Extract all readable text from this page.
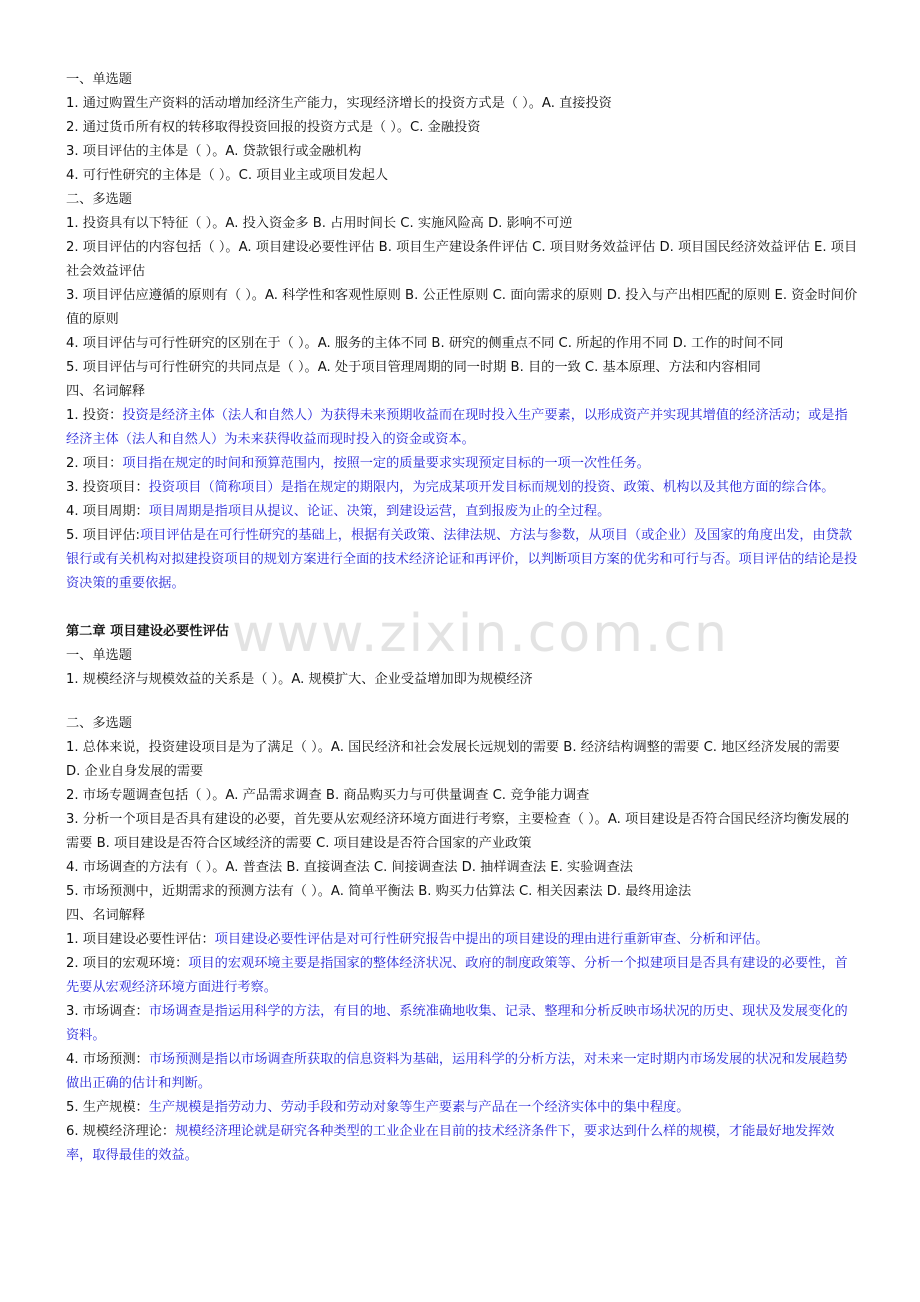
一、单选题
1. 通过购置生产资料的活动增加经济生产能力，实现经济增长的投资方式是（ ）。A. 直接投资
2. 通过货币所有权的转移取得投资回报的投资方式是（ ）。C. 金融投资
3. 项目评估的主体是（ ）。A. 贷款银行或金融机构
4. 可行性研究的主体是（ ）。C. 项目业主或项目发起人
二、多选题
1. 投资具有以下特征（ ）。A. 投入资金多 B. 占用时间长 C. 实施风险高 D. 影响不可逆
2. 项目评估的内容包括（ ）。A. 项目建设必要性评估 B. 项目生产建设条件评估 C. 项目财务效益评估 D. 项目国民经济效益评估 E. 项目社会效益评估
3. 项目评估应遵循的原则有（ ）。A. 科学性和客观性原则 B. 公正性原则 C. 面向需求的原则 D. 投入与产出相匹配的原则 E. 资金时间价值的原则
4. 项目评估与可行性研究的区别在于（ ）。A. 服务的主体不同 B. 研究的侧重点不同 C. 所起的作用不同 D. 工作的时间不同
5. 项目评估与可行性研究的共同点是（ ）。A. 处于项目管理周期的同一时期 B. 目的一致 C. 基本原理、方法和内容相同
四、名词解释
1. 投资：投资是经济主体（法人和自然人）为获得未来预期收益而在现时投入生产要素，以形成资产并实现其增值的经济活动；或是指经济主体（法人和自然人）为未来获得收益而现时投入的资金或资本。
2. 项目：项目指在规定的时间和预算范围内，按照一定的质量要求实现预定目标的一项一次性任务。
3. 投资项目：投资项目（简称项目）是指在规定的期限内，为完成某项开发目标而规划的投资、政策、机构以及其他方面的综合体。
4. 项目周期：项目周期是指项目从提议、论证、决策，到建设运营，直到报废为止的全过程。
5. 项目评估:项目评估是在可行性研究的基础上，根据有关政策、法律法规、方法与参数，从项目（或企业）及国家的角度出发，由贷款银行或有关机构对拟建投资项目的规划方案进行全面的技术经济论证和再评价，以判断项目方案的优劣和可行与否。项目评估的结论是投资决策的重要依据。
第二章 项目建设必要性评估
一、单选题
1. 规模经济与规模效益的关系是（ ）。A. 规模扩大、企业受益增加即为规模经济
二、多选题
1. 总体来说，投资建设项目是为了满足（ ）。A. 国民经济和社会发展长远规划的需要 B. 经济结构调整的需要 C. 地区经济发展的需要 D. 企业自身发展的需要
2. 市场专题调查包括（ ）。A. 产品需求调查 B. 商品购买力与可供量调查 C. 竞争能力调查
3. 分析一个项目是否具有建设的必要，首先要从宏观经济环境方面进行考察，主要检查（ ）。A. 项目建设是否符合国民经济均衡发展的需要 B. 项目建设是否符合区域经济的需要 C. 项目建设是否符合国家的产业政策
4. 市场调查的方法有（ ）。A. 普查法 B. 直接调查法 C. 间接调查法 D. 抽样调查法 E. 实验调查法
5. 市场预测中，近期需求的预测方法有（ ）。A. 简单平衡法 B. 购买力估算法 C. 相关因素法 D. 最终用途法
四、名词解释
1. 项目建设必要性评估：项目建设必要性评估是对可行性研究报告中提出的项目建设的理由进行重新审查、分析和评估。
2. 项目的宏观环境：项目的宏观环境主要是指国家的整体经济状况、政府的制度政策等、分析一个拟建项目是否具有建设的必要性，首先要从宏观经济环境方面进行考察。
3. 市场调查：市场调查是指运用科学的方法，有目的地、系统准确地收集、记录、整理和分析反映市场状况的历史、现状及发展变化的资料。
4. 市场预测：市场预测是指以市场调查所获取的信息资料为基础，运用科学的分析方法，对未来一定时期内市场发展的状况和发展趋势做出正确的估计和判断。
5. 生产规模：生产规模是指劳动力、劳动手段和劳动对象等生产要素与产品在一个经济实体中的集中程度。
6. 规模经济理论：规模经济理论就是研究各种类型的工业企业在目前的技术经济条件下，要求达到什么样的规模，才能最好地发挥效率，取得最佳的效益。
www.zixin.com.cn
